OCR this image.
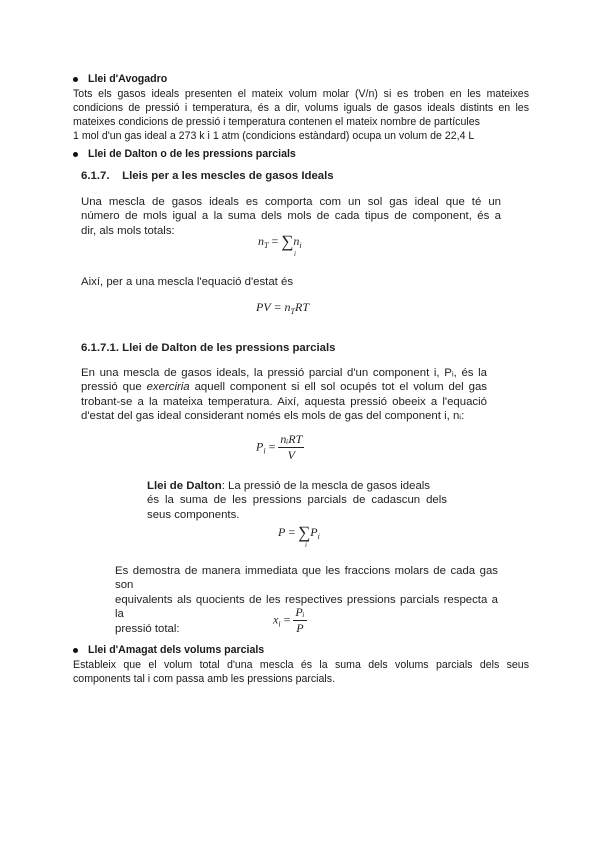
Llei d'Avogadro
Tots els gasos ideals presenten el mateix volum molar (V/n) si es troben en les mateixes
condicions de pressió i temperatura, és a dir, volums iguals de gasos ideals distints en les
mateixes condicions de pressió i temperatura contenen el mateix nombre de partícules
1 mol d'un gas ideal a 273 k i 1 atm (condicions estàndard) ocupa un volum de 22,4 L
Llei de Dalton o de les pressions parcials
6.1.7.    Lleis per a les mescles de gasos Ideals
Una mescla de gasos ideals es comporta com un sol gas ideal que té un
número de mols igual a la suma dels mols de cada tipus de component, és a
dir, als mols totals:
$n_T = \sum n_i$
i
Així, per a una mescla l'equació d'estat és
PV = $n_TRT$
6.1.7.1. Llei de Dalton de les pressions parcials
En una mescla de gasos ideals, la pressió parcial d'un component i, Pᵢ, és la
pressió que exerciria aquell component si ell sol ocupés tot el volum del gas
trobant-se a la mateixa temperatura. Així, aquesta pressió obeeix a l'equació
d'estat del gas ideal considerant només els mols de gas del component i, nᵢ:
$P_i = \frac{\text{nᵢRT}}{V}$
Llei de Dalton: La pressió de la mescla de gasos ideals
és la suma de les pressions parcials de cadascun dels
seus components.
$P = \sum P_i$
i
Es demostra de manera immediata que les fraccions molars de cada gas son
equivalents als quocients de les respectives pressions parcials respecta a la
pressió total:
$x_i = \frac{\text{Pᵢ}}{P}$
Llei d'Amagat dels volums parcials
Estableix que el volum total d'una mescla és la suma dels volums parcials dels seus
components tal i com passa amb les pressions parcials.
